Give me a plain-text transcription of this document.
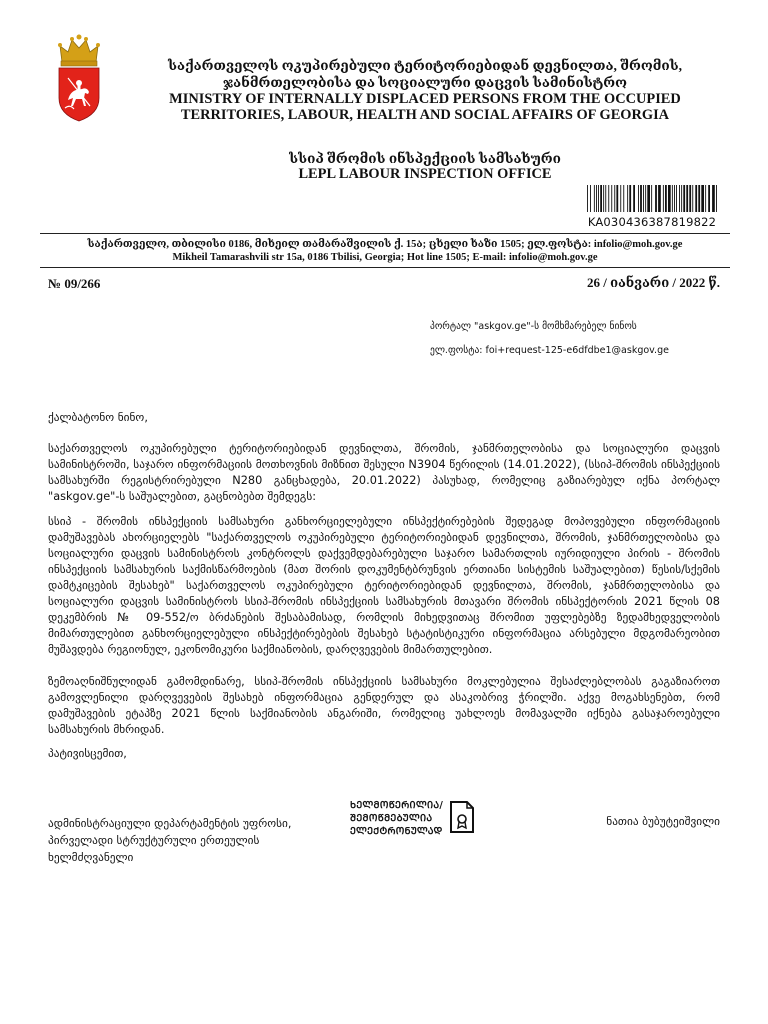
საქართველოს ოკუპირებული ტერიტორიებიდან დევნილთა, შრომის,
ჯანმრთელობისა და სოციალური დაცვის სამინისტრო
MINISTRY OF INTERNALLY DISPLACED PERSONS FROM THE OCCUPIED
TERRITORIES, LABOUR, HEALTH AND SOCIAL AFFAIRS OF GEORGIA
სსიპ შრომის ინსპექციის სამსახური
LEPL LABOUR INSPECTION OFFICE
KA030436387819822
საქართველო, თბილისი 0186, მიხეილ თამარაშვილის ქ. 15ა; ცხელი ხაზი 1505; ელ.ფოსტა: infolio@moh.gov.ge
Mikheil Tamarashvili str 15a, 0186 Tbilisi, Georgia; Hot line 1505; E-mail: infolio@moh.gov.ge
№ 09/266	26 / იანვარი / 2022 წ.
პორტალ "askgov.ge"-ს მომხმარებელ ნინოს
ელ.ფოსტა: foi+request-125-e6dfdbe1@askgov.ge

ქალბატონო ნინო,

საქართველოს ოკუპირებული ტერიტორიებიდან დევნილთა, შრომის, ჯანმრთელობისა და სოციალური დაცვის სამინისტროში, საჯარო ინფორმაციის მოთხოვნის მიზნით შესული N3904 წერილის (14.01.2022), (სსიპ-შრომის ინსპექციის სამსახურში რეგისტრირებული N280 განცხადება, 20.01.2022) პასუხად, რომელიც გაზიარებულ იქნა პორტალ "askgov.ge"-ს საშუალებით, გაცნობებთ შემდეგს:

სსიპ - შრომის ინსპექციის სამსახური განხორციელებული ინსპექტირებების შედეგად მოპოვებული ინფორმაციის დამუშავებას ახორციელებს "საქართველოს ოკუპირებული ტერიტორიებიდან დევნილთა, შრომის, ჯანმრთელობისა და სოციალური დაცვის სამინისტროს კონტროლს დაქვემდებარებული საჯარო სამართლის იურიდიული პირის - შრომის ინსპექციის სამსახურის საქმისწარმოების (მათ შორის დოკუმენტბრუნვის ერთიანი სისტემის საშუალებით) წესის/სქემის დამტკიცების შესახებ" საქართველოს ოკუპირებული ტერიტორიებიდან დევნილთა, შრომის, ჯანმრთელობისა და სოციალური დაცვის სამინისტროს სსიპ-შრომის ინსპექციის სამსახურის მთავარი შრომის ინსპექტორის 2021 წლის 08 დეკემბრის № 09-552/ო ბრძანების შესაბამისად, რომლის მიხედვითაც შრომით უფლებებზე ზედამხედველობის მიმართულებით განხორციელებული ინსპექტირებების შესახებ სტატისტიკური ინფორმაცია არსებული მდგომარეობით მუშავდება რეგიონულ, ეკონომიკური საქმიანობის, დარღვევების მიმართულებით.

ზემოაღნიშნულიდან გამომდინარე, სსიპ-შრომის ინსპექციის სამსახური მოკლებულია შესაძლებლობას გაგაზიაროთ გამოვლენილი დარღვევების შესახებ ინფორმაცია გენდერულ და ასაკობრივ ჭრილში. აქვე მოგახსენებთ, რომ დამუშავების ეტაპზე 2021 წლის საქმიანობის ანგარიში, რომელიც უახლოეს მომავალში იქნება გასაჯაროებული სამსახურის მხრიდან.

პატივისცემით,

ადმინისტრაციული დეპარტამენტის უფროსი,
პირველადი სტრუქტურული ერთეულის
ხელმძღვანელი
ᲮᲔᲚᲛᲝᲬᲔᲠᲘᲚᲘᲐ/
ᲨᲔᲛᲝᲬᲛᲔᲑᲣᲚᲘᲐ
ᲔᲚᲔᲥᲢᲠᲝᲜᲣᲚᲐᲓ
ნათია ბუბუტეიშვილი
